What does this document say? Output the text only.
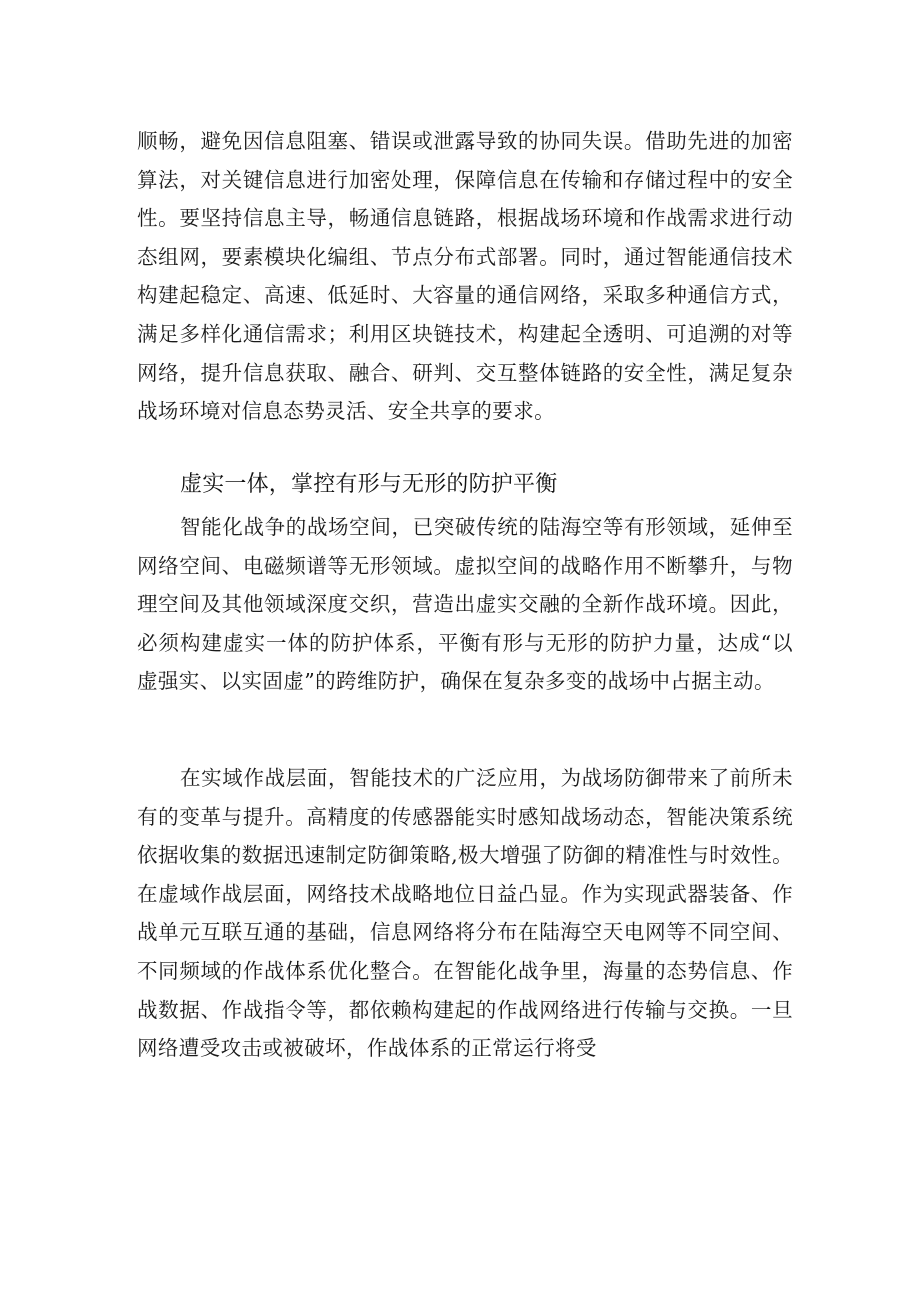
顺畅，避免因信息阻塞、错误或泄露导致的协同失误。借助先进的加密算法，对关键信息进行加密处理，保障信息在传输和存储过程中的安全性。要坚持信息主导，畅通信息链路，根据战场环境和作战需求进行动态组网，要素模块化编组、节点分布式部署。同时，通过智能通信技术构建起稳定、高速、低延时、大容量的通信网络，采取多种通信方式，满足多样化通信需求；利用区块链技术，构建起全透明、可追溯的对等网络，提升信息获取、融合、研判、交互整体链路的安全性，满足复杂战场环境对信息态势灵活、安全共享的要求。

虚实一体，掌控有形与无形的防护平衡

智能化战争的战场空间，已突破传统的陆海空等有形领域，延伸至网络空间、电磁频谱等无形领域。虚拟空间的战略作用不断攀升，与物理空间及其他领域深度交织，营造出虚实交融的全新作战环境。因此，必须构建虚实一体的防护体系，平衡有形与无形的防护力量，达成“以虚强实、以实固虚”的跨维防护，确保在复杂多变的战场中占据主动。

在实域作战层面，智能技术的广泛应用，为战场防御带来了前所未有的变革与提升。高精度的传感器能实时感知战场动态，智能决策系统依据收集的数据迅速制定防御策略,极大增强了防御的精准性与时效性。在虚域作战层面，网络技术战略地位日益凸显。作为实现武器装备、作战单元互联互通的基础，信息网络将分布在陆海空天电网等不同空间、不同频域的作战体系优化整合。在智能化战争里，海量的态势信息、作战数据、作战指令等，都依赖构建起的作战网络进行传输与交换。一旦网络遭受攻击或被破坏，作战体系的正常运行将受
